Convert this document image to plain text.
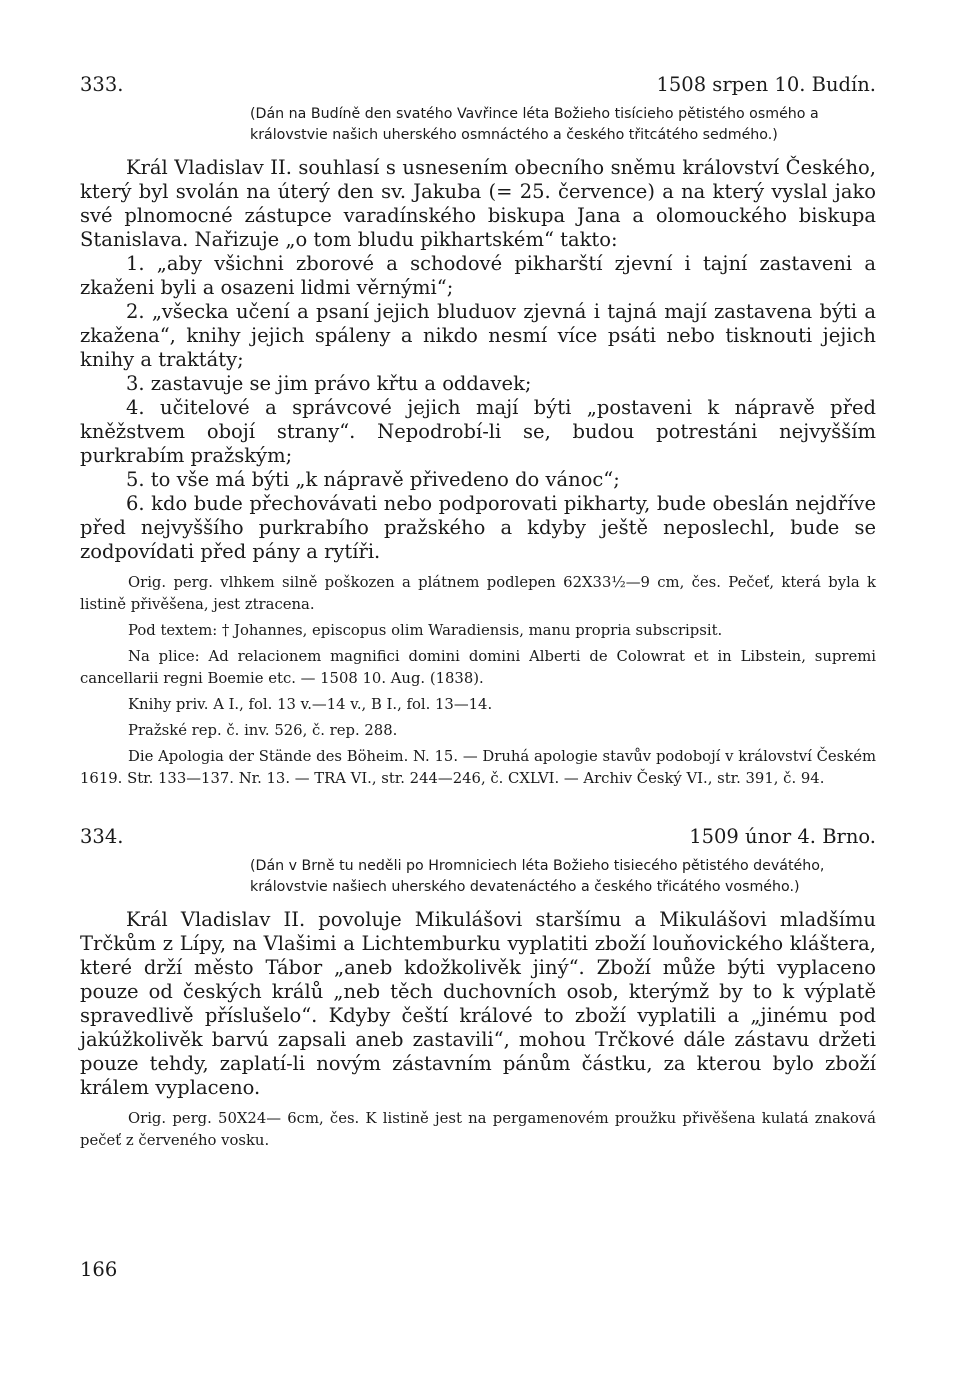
333.	1508 srpen 10. Budín.
(Dán na Budíně den svatého Vavřince léta Božieho tisícieho pětistého osmého a královstvie našich uherského osmnáctého a českého třitcátého sedmého.)

Král Vladislav II. souhlasí s usnesením obecního sněmu království Českého, který byl svolán na úterý den sv. Jakuba (= 25. července) a na který vyslal jako své plnomocné zástupce varadínského biskupa Jana a olomouckého biskupa Stanislava. Nařizuje „o tom bludu pikhartském“ takto:

1. „aby všichni zborové a schodové pikharští zjevní i tajní zastaveni a zkaženi byli a osazeni lidmi věrnými“;

2. „všecka učení a psaní jejich bluduov zjevná i tajná mají zastavena býti a zkažena“, knihy jejich spáleny a nikdo nesmí více psáti nebo tisknouti jejich knihy a traktáty;

3. zastavuje se jim právo křtu a oddavek;

4. učitelové a správcové jejich mají býti „postaveni k nápravě před kněžstvem obojí strany“. Nepodrobí-li se, budou potrestáni nejvyšším purkrabím pražským;

5. to vše má býti „k nápravě přivedeno do vánoc“;

6. kdo bude přechovávati nebo podporovati pikharty, bude obeslán nejdříve před nejvyššího purkrabího pražského a kdyby ještě neposlechl, bude se zodpovídati před pány a rytíři.

Orig. perg. vlhkem silně poškozen a plátnem podlepen 62X33½—9 cm, čes. Pečeť, která byla k listině přivěšena, jest ztracena.

Pod textem: † Johannes, episcopus olim Waradiensis, manu propria subscripsit.

Na plice: Ad relacionem magnifici domini domini Alberti de Colowrat et in Libstein, supremi cancellarii regni Boemie etc. — 1508 10. Aug. (1838).

Knihy priv. A I., fol. 13 v.—14 v., B I., fol. 13—14.

Pražské rep. č. inv. 526, č. rep. 288.

Die Apologia der Stände des Böheim. N. 15. — Druhá apologie stavův podobojí v království Českém 1619. Str. 133—137. Nr. 13. — TRA VI., str. 244—246, č. CXLVI. — Archiv Český VI., str. 391, č. 94.

334.	1509 únor 4. Brno.
(Dán v Brně tu neděli po Hromniciech léta Božieho tisiecého pětistého devátého, královstvie našiech uherského devatenáctého a českého třicátého vosmého.)

Král Vladislav II. povoluje Mikulášovi staršímu a Mikulášovi mladšímu Trčkům z Lípy, na Vlašimi a Lichtemburku vyplatiti zboží louňovického kláštera, které drží město Tábor „aneb kdožkolivěk jiný“. Zboží může býti vyplaceno pouze od českých králů „neb těch duchovních osob, kterýmž by to k výplatě spravedlivě příslušelo“. Kdyby čeští králové to zboží vyplatili a „jinému pod jakúžkolivěk barvú zapsali aneb zastavili“, mohou Trčkové dále zástavu držeti pouze tehdy, zaplatí-li novým zástavním pánům částku, za kterou bylo zboží králem vyplaceno.

Orig. perg. 50X24— 6cm, čes. K listině jest na pergamenovém proužku přivěšena kulatá znaková pečeť z červeného vosku.

166
